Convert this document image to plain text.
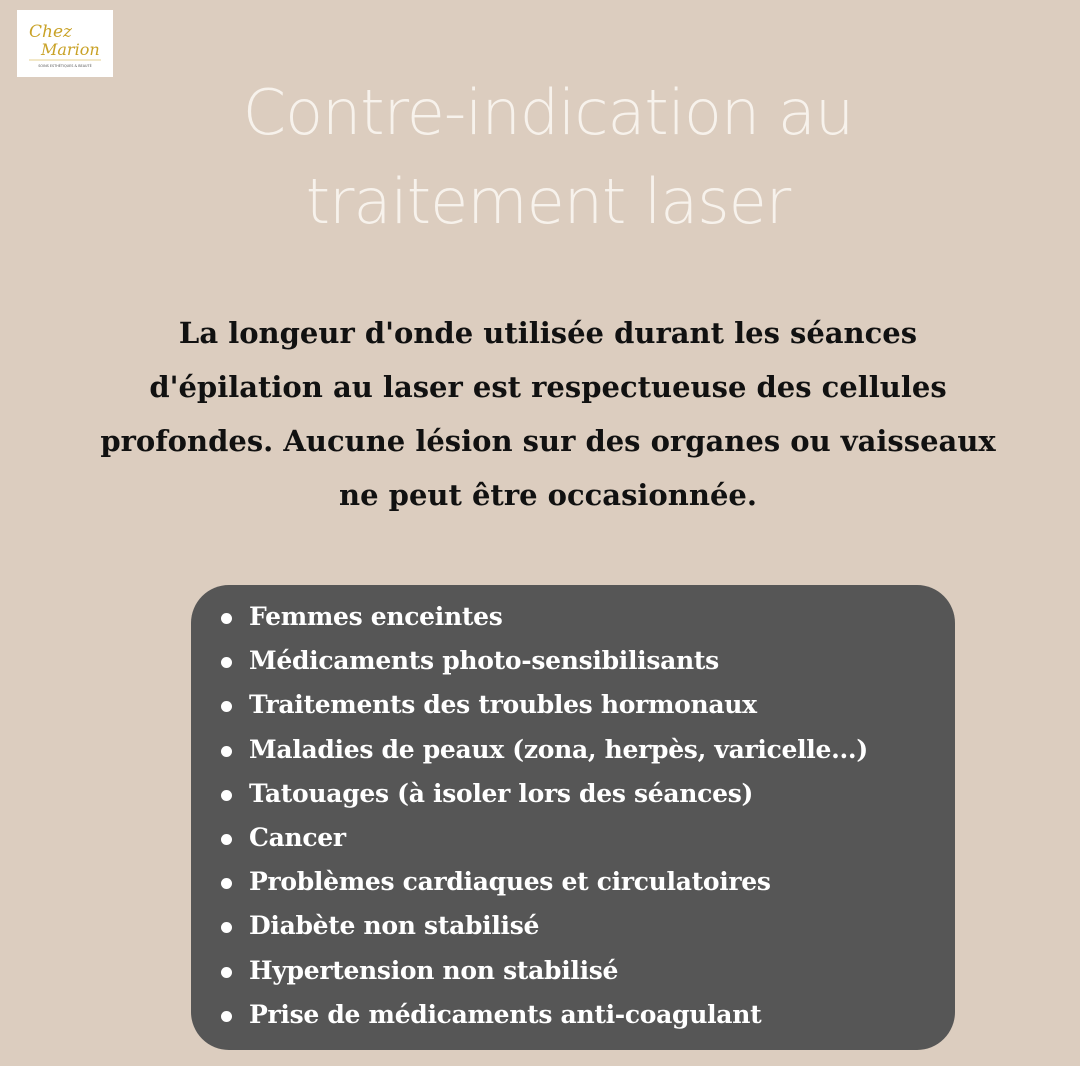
Chez
Marion
SOINS ESTHÉTIQUES & BEAUTÉ
Contre-indication au
traitement laser

La longeur d'onde utilisée durant les séances
d'épilation au laser est respectueuse des cellules
profondes. Aucune lésion sur des organes ou vaisseaux
ne peut être occasionnée.

Femmes enceintes
Médicaments photo-sensibilisants
Traitements des troubles hormonaux
Maladies de peaux (zona, herpès, varicelle...)
Tatouages (à isoler lors des séances)
Cancer
Problèmes cardiaques et circulatoires
Diabète non stabilisé
Hypertension non stabilisé
Prise de médicaments anti-coagulant
